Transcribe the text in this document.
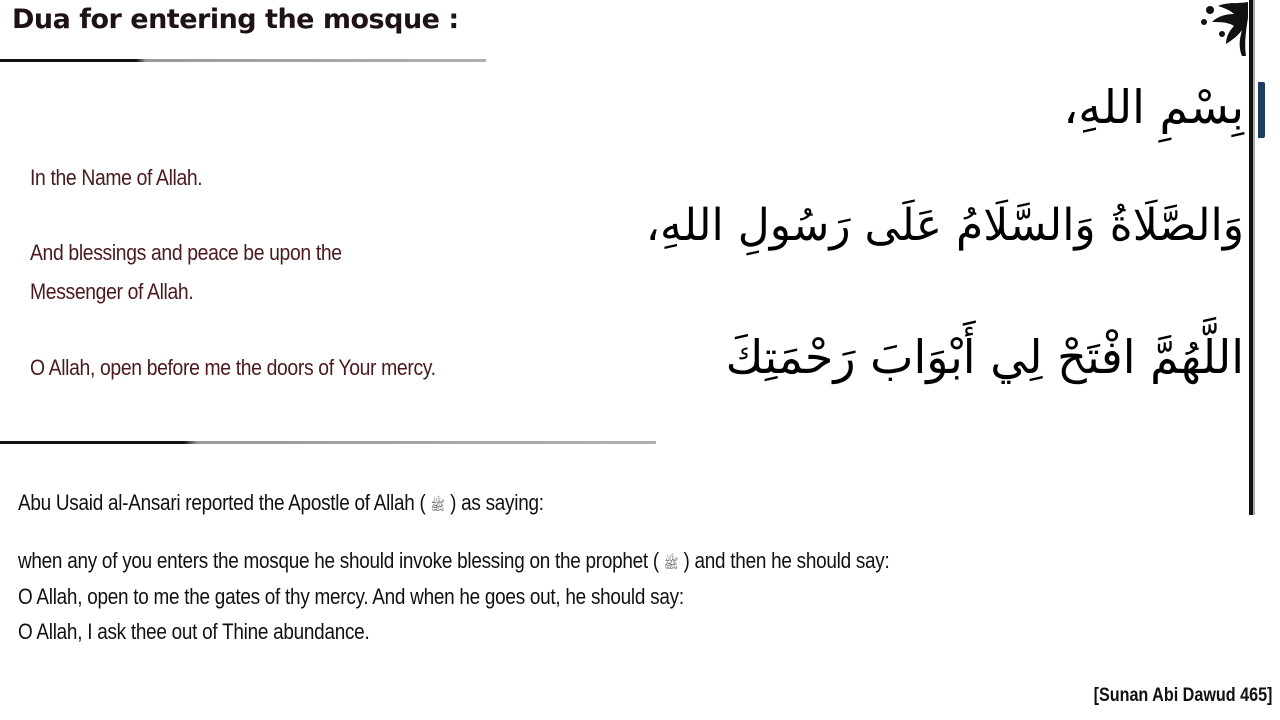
Dua for entering the mosque :
In the Name of Allah.
And blessings and peace be upon the
Messenger of Allah.
O Allah, open before me the doors of Your mercy.
بِسْمِ اللهِ،
وَالصَّلَاةُ وَالسَّلَامُ عَلَى رَسُولِ اللهِ،
اللَّهُمَّ افْتَحْ لِي أَبْوَابَ رَحْمَتِكَ
Abu Usaid al-Ansari reported the Apostle of Allah ( ﷺ ) as saying:
when any of you enters the mosque he should invoke blessing on the prophet ( ﷺ ) and then he should say:
O Allah, open to me the gates of thy mercy. And when he goes out, he should say:
O Allah, I ask thee out of Thine abundance.
[Sunan Abi Dawud 465]
